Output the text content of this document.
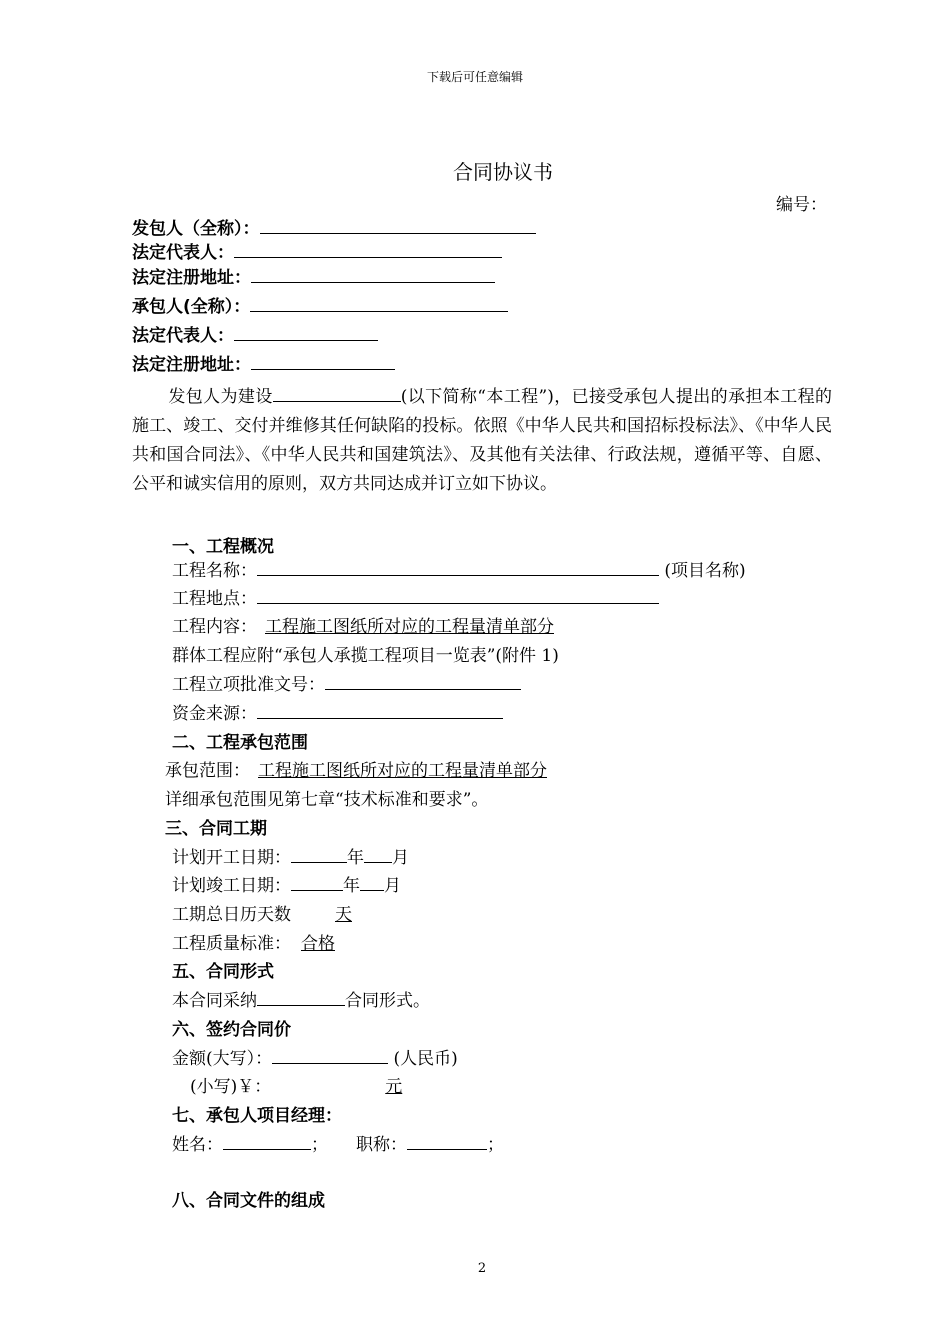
下载后可任意编辑
合同协议书
编号：
发包人（全称）：
法定代表人：
法定注册地址：
承包人(全称）：
法定代表人：
法定注册地址：
发包人为建设	(以下简称“本工程”)，已接受承包人提出的承担本工程的施工、竣工、交付并维修其任何缺陷的投标。依照《中华人民共和国招标投标法》、《中华人民共和国合同法》、《中华人民共和国建筑法》、及其他有关法律、行政法规，遵循平等、自愿、公平和诚实信用的原则，双方共同达成并订立如下协议。
一、工程概况
工程名称：	(项目名称)
工程地点：
工程内容： 工程施工图纸所对应的工程量清单部分
群体工程应附“承包人承揽工程项目一览表”(附件 1)
工程立项批准文号：
资金来源：
二、工程承包范围
承包范围： 工程施工图纸所对应的工程量清单部分
详细承包范围见第七章“技术标准和要求”。
三、合同工期
计划开工日期：	年 月
计划竣工日期：	年 月
工期总日历天数	天
工程质量标准： 合格
五、合同形式
本合同采纳	合同形式。
六、签约合同价
金额(大写）：	(人民币)
(小写)￥：	元
七、承包人项目经理：
姓名：	； 职称：	；
八、合同文件的组成
2
